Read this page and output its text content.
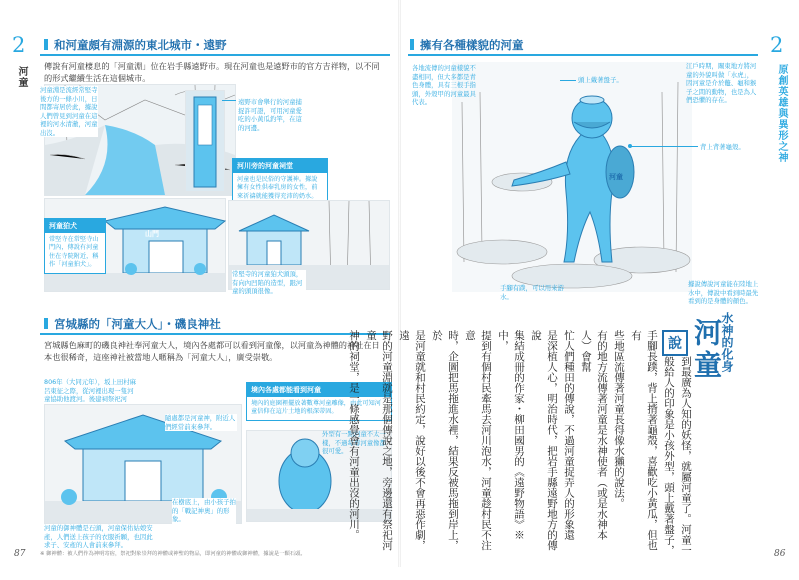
2
河童
和河童頗有淵源的東北城市・遠野
傳說有河童棲息的「河童淵」位在岩手縣遠野市。現在河童也是遠野市的官方吉祥物，以不同的形式繼續生活在這個城市。
河童淵是流經常堅寺後方的一條小川，日間都寄居於此，據說人們曾見到河童在這裡的河水清澈，河童出沒。
遠野市會舉行的河童捕捉許可證，可用河童愛吃的小黃瓜釣竿，在這的河邊。
河川旁的河童祠堂
河童也是民俗的守護神。據說擁有女性供奉乳房的女性，前來祈禱就能獲得充沛的奶水。
常堅寺的河童狛犬頭頂，有向內凹陷的造型，跟河童的頭頂很像。
山門
河童狛犬
常堅寺在常堅寺山門內，傳說有河童住在寺院附近，稱作「河童狛犬」。
宮城縣的「河童大人」・磯良神社
宮城縣色麻町的磯良神社奉河童大人，境內各處都可以看到河童像，以河童為神體的神社在日本也很稀奇，這座神社被當地人暱稱為「河童大人」，廣受崇敬。
806年（大同元年），坂上田村麻呂東征之際，從河裡出現一隻河童協助他渡河。後建祠祭祀河
隨處都是河童神，附近人們經常前來參拜。
境內各處都能看到河童
境內的庭園裡擺放著數尊河童雕像，由此可知河童信仰在這片土地的根深蒂固。
外型有一點河童不太一樣，不過每尊河童像都很可愛。
河童的御神體是石頭，河童保佑姑娘安產，人們送上孩子的衣服祈願，也因此求子、安產的人會前來參拜。
在樹底上，由小孩子拍的「戰記神奧」的形象。
※ 御神體：被人們作為神明寄宿，祭祀對象崇拜的神體或神聖的物品，即河童的神體或御神體，據說是一顆石頭。
87
2
原創英雄與異形之神
擁有各種樣貌的河童
河童
各地流傳的河童樣貌不盡相同，但大多都是青色身體，具有三根手指頭，外殼甲的河童最具代表。
頭上戴著盤子。
江戶時期，關東地方將河童的外貌叫做「水虎」，因河童是介於鼈、龜和猴子之間的動物，也是為人們恐懼的存在。
背上背著龜殼。
手腳有蹼，可以用來游水。
據說傳說河童能在陸地上水中，傳說中看到時最先看到的是身體的顏色。
水神的化身
河童
說
到最廣為人知的妖怪，就屬河童了。河童一
般給人的印象是小孩外型，頭上戴著盤子，
手腳長蹼，背上揹著龜殼，喜歡吃小黃瓜，但也有
些地區流傳著河童長得像水獺的說法。
有的地方流傳著河童是水神使者（或是水神本人）會幫
忙人們種田的傳說，不過河童捉弄人的形象還
是深植人心，明治時代，把岩手縣遠野地方的傳說
集結成冊的作家・柳田國男的《遠野物語》※中，
提到有個村民牽馬去河川泡水，河童趁村民不注意
時，企圖把馬拖進水裡，結果反被馬拖到岸上，於
是河童就和村民約定，說好以後不會再惡作劇，遠
野的河童淵就是那個傳說之地，旁邊還有祭祀河童
神的祠堂，是一條感覺會有河童出沒的河川。
86
